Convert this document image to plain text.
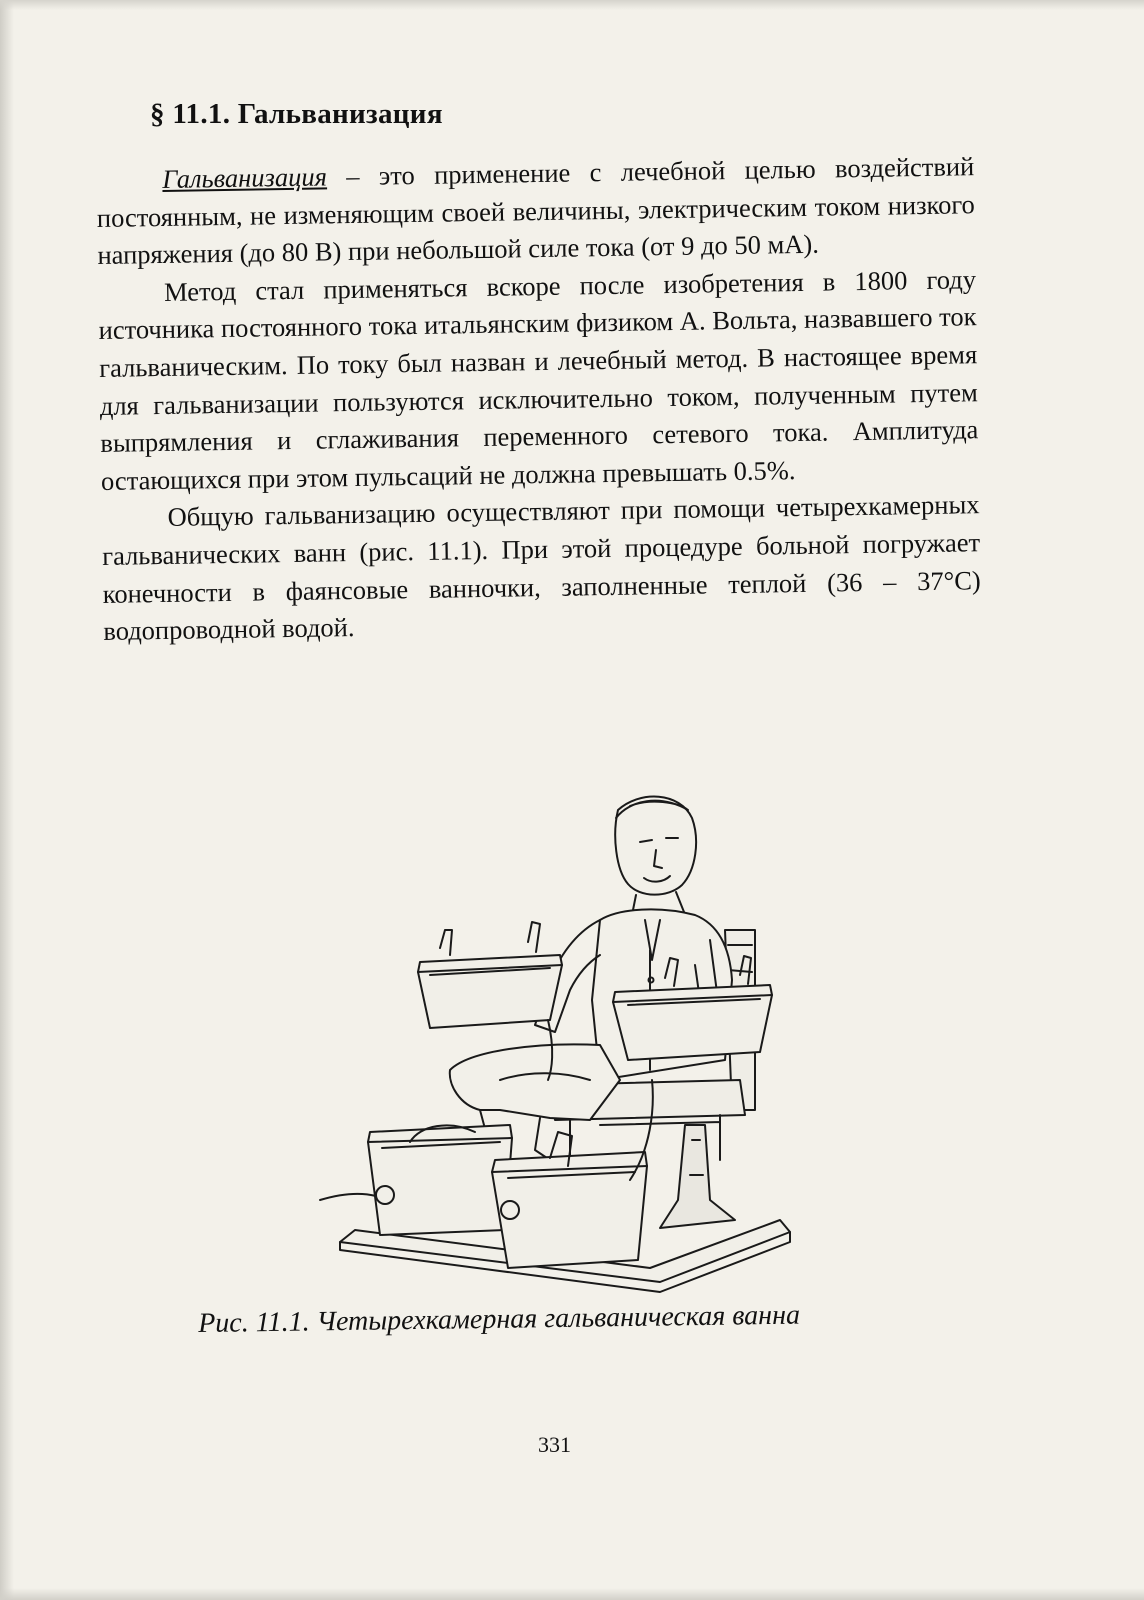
§ 11.1. Гальванизация

Гальванизация – это применение с лечебной целью воздействий постоянным, не изменяющим своей величины, электрическим током низкого напряжения (до 80 В) при небольшой силе тока (от 9 до 50 мА).

Метод стал применяться вскоре после изобретения в 1800 году источника постоянного тока итальянским физиком А. Вольта, назвавшего ток гальваническим. По току был назван и лечебный метод. В настоящее время для гальванизации пользуются исключительно током, полученным путем выпрямления и сглаживания переменного сетевого тока. Амплитуда остающихся при этом пульсаций не должна превышать 0.5%.

Общую гальванизацию осуществляют при помощи четырехкамерных гальванических ванн (рис. 11.1). При этой процедуре больной погружает конечности в фаянсовые ванночки, заполненные теплой (36 – 37°С) водопроводной водой.

Рис. 11.1. Четырехкамерная гальваническая ванна
331
